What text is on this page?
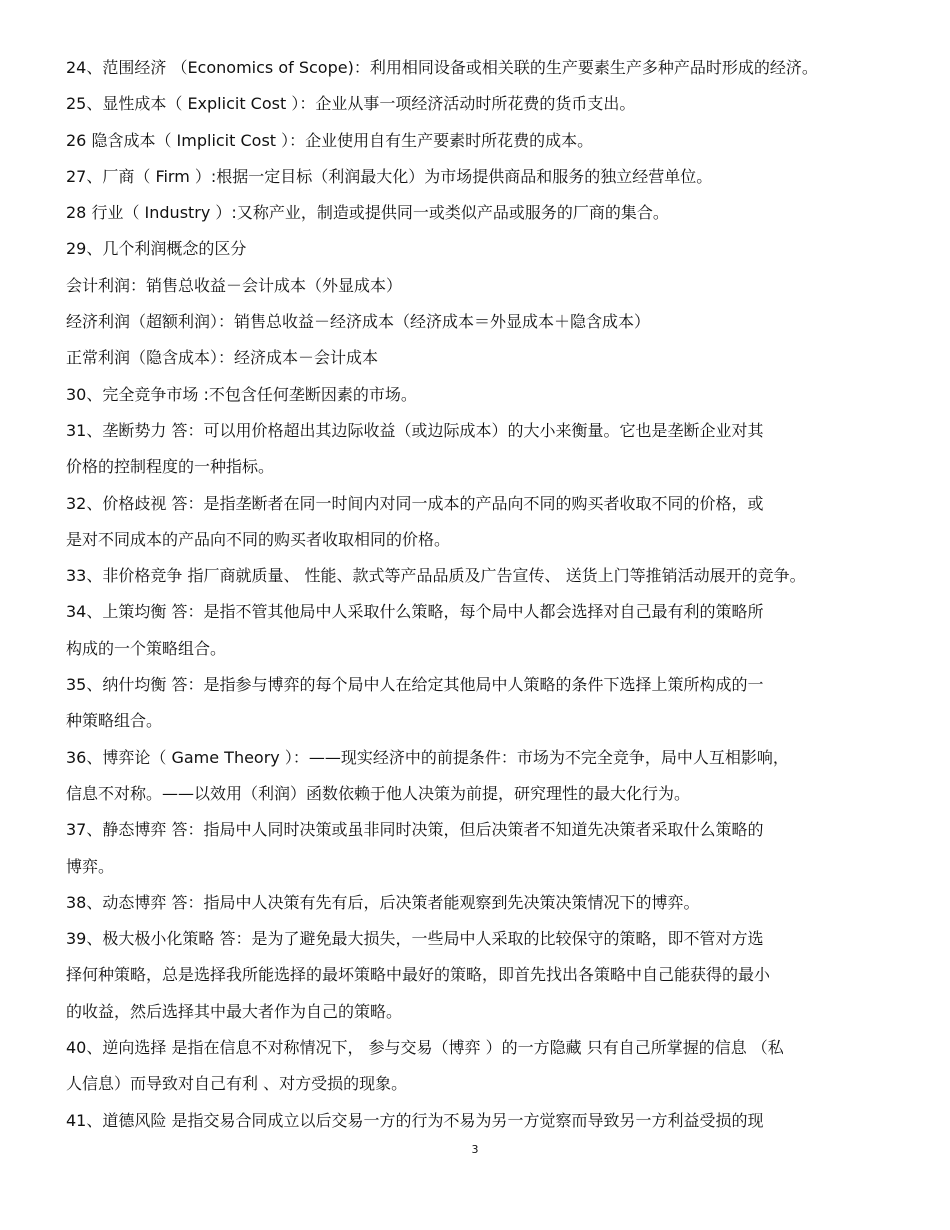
24、范围经济 （Economics of Scope)：利用相同设备或相关联的生产要素生产多种产品时形成的经济。
25、显性成本（ Explicit Cost ）：企业从事一项经济活动时所花费的货币支出。
26 隐含成本（ Implicit Cost ）：企业使用自有生产要素时所花费的成本。
27、厂商（ Firm ）:根据一定目标（利润最大化）为市场提供商品和服务的独立经营单位。
28 行业（ Industry ）:又称产业，制造或提供同一或类似产品或服务的厂商的集合。
29、几个利润概念的区分
会计利润：销售总收益－会计成本（外显成本）
经济利润（超额利润）：销售总收益－经济成本（经济成本＝外显成本＋隐含成本）
正常利润（隐含成本）：经济成本－会计成本
30、完全竞争市场 :不包含任何垄断因素的市场。
31、垄断势力 答：可以用价格超出其边际收益（或边际成本）的大小来衡量。它也是垄断企业对其
价格的控制程度的一种指标。
32、价格歧视 答：是指垄断者在同一时间内对同一成本的产品向不同的购买者收取不同的价格，或
是对不同成本的产品向不同的购买者收取相同的价格。
33、非价格竞争 指厂商就质量、 性能、款式等产品品质及广告宣传、 送货上门等推销活动展开的竞争。
34、上策均衡 答：是指不管其他局中人采取什么策略，每个局中人都会选择对自己最有利的策略所
构成的一个策略组合。
35、纳什均衡 答：是指参与博弈的每个局中人在给定其他局中人策略的条件下选择上策所构成的一
种策略组合。
36、博弈论（ Game Theory ）：——现实经济中的前提条件：市场为不完全竞争，局中人互相影响，
信息不对称。——以效用（利润）函数依赖于他人决策为前提，研究理性的最大化行为。
37、静态博弈 答：指局中人同时决策或虽非同时决策，但后决策者不知道先决策者采取什么策略的
博弈。
38、动态博弈 答：指局中人决策有先有后，后决策者能观察到先决策决策情况下的博弈。
39、极大极小化策略 答：是为了避免最大损失，一些局中人采取的比较保守的策略，即不管对方选
择何种策略，总是选择我所能选择的最坏策略中最好的策略，即首先找出各策略中自己能获得的最小
的收益，然后选择其中最大者作为自己的策略。
40、逆向选择 是指在信息不对称情况下， 参与交易（博弈 ）的一方隐藏 只有自己所掌握的信息 （私
人信息）而导致对自己有利 、对方受损的现象。
41、道德风险 是指交易合同成立以后交易一方的行为不易为另一方觉察而导致另一方利益受损的现
3
